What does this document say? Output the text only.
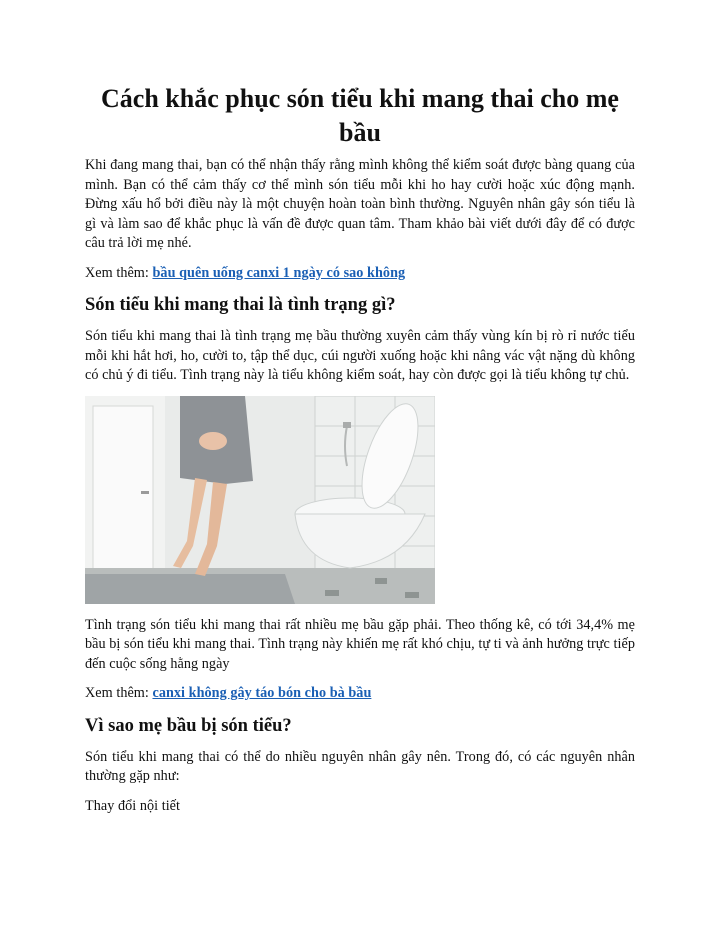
Cách khắc phục són tiểu khi mang thai cho mẹ bầu

Khi đang mang thai, bạn có thể nhận thấy rằng mình không thể kiểm soát được bàng quang của mình. Bạn có thể cảm thấy cơ thể mình són tiểu mỗi khi ho hay cười hoặc xúc động mạnh. Đừng xấu hổ bởi điều này là một chuyện hoàn toàn bình thường. Nguyên nhân gây són tiểu là gì và làm sao để khắc phục là vấn đề được quan tâm. Tham khảo bài viết dưới đây để có được câu trả lời mẹ nhé.

Xem thêm: bầu quên uống canxi 1 ngày có sao không

Són tiểu khi mang thai là tình trạng gì?

Són tiểu khi mang thai là tình trạng mẹ bầu thường xuyên cảm thấy vùng kín bị rò rỉ nước tiểu mỗi khi hắt hơi, ho, cười to, tập thể dục, cúi người xuống hoặc khi nâng vác vật nặng dù không có chủ ý đi tiểu. Tình trạng này là tiểu không kiểm soát, hay còn được gọi là tiểu không tự chủ.

Tình trạng són tiểu khi mang thai rất nhiều mẹ bầu gặp phải. Theo thống kê, có tới 34,4% mẹ bầu bị són tiểu khi mang thai. Tình trạng này khiến mẹ rất khó chịu, tự ti và ảnh hưởng trực tiếp đến cuộc sống hằng ngày

Xem thêm: canxi không gây táo bón cho bà bầu

Vì sao mẹ bầu bị són tiểu?

Són tiểu khi mang thai có thể do nhiều nguyên nhân gây nên. Trong đó, có các nguyên nhân thường gặp như:

Thay đổi nội tiết
